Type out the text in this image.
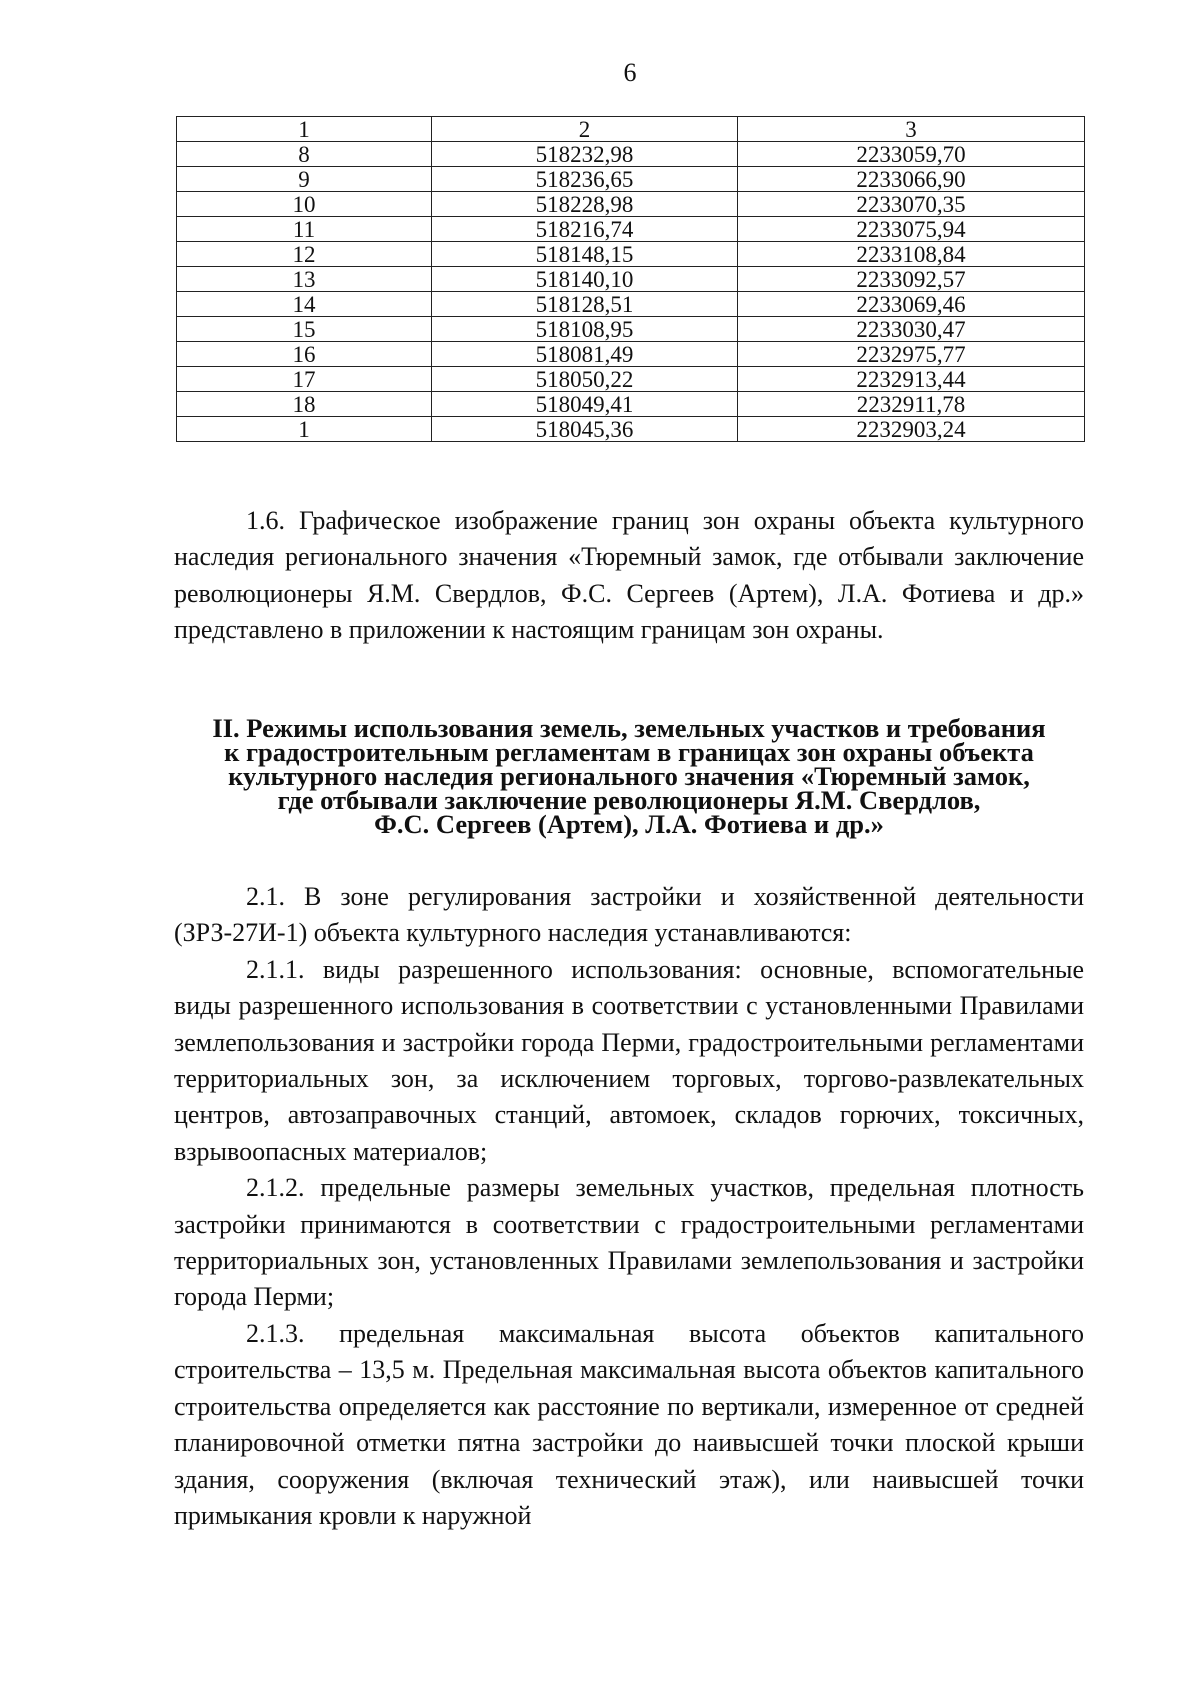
6
1	2	3
8	518232,98	2233059,70
9	518236,65	2233066,90
10	518228,98	2233070,35
11	518216,74	2233075,94
12	518148,15	2233108,84
13	518140,10	2233092,57
14	518128,51	2233069,46
15	518108,95	2233030,47
16	518081,49	2232975,77
17	518050,22	2232913,44
18	518049,41	2232911,78
1	518045,36	2232903,24

1.6. Графическое изображение границ зон охраны объекта культурного наследия регионального значения «Тюремный замок, где отбывали заключение революционеры Я.М. Свердлов, Ф.С. Сергеев (Артем), Л.А. Фотиева и др.» представлено в приложении к настоящим границам зон охраны.

II. Режимы использования земель, земельных участков и требования
к градостроительным регламентам в границах зон охраны объекта
культурного наследия регионального значения «Тюремный замок,
где отбывали заключение революционеры Я.М. Свердлов,
Ф.С. Сергеев (Артем), Л.А. Фотиева и др.»

2.1. В зоне регулирования застройки и хозяйственной деятельности (ЗРЗ-27И-1) объекта культурного наследия устанавливаются:

2.1.1. виды разрешенного использования: основные, вспомогательные виды разрешенного использования в соответствии с установленными Правилами землепользования и застройки города Перми, градостроительными регламентами территориальных зон, за исключением торговых, торгово-развлекательных центров, автозаправочных станций, автомоек, складов горючих, токсичных, взрывоопасных материалов;

2.1.2. предельные размеры земельных участков, предельная плотность застройки принимаются в соответствии с градостроительными регламентами территориальных зон, установленных Правилами землепользования и застройки города Перми;

2.1.3. предельная максимальная высота объектов капитального строительства – 13,5 м. Предельная максимальная высота объектов капитального строительства определяется как расстояние по вертикали, измеренное от средней планировочной отметки пятна застройки до наивысшей точки плоской крыши здания, сооружения (включая технический этаж), или наивысшей точки примыкания кровли к наружной
